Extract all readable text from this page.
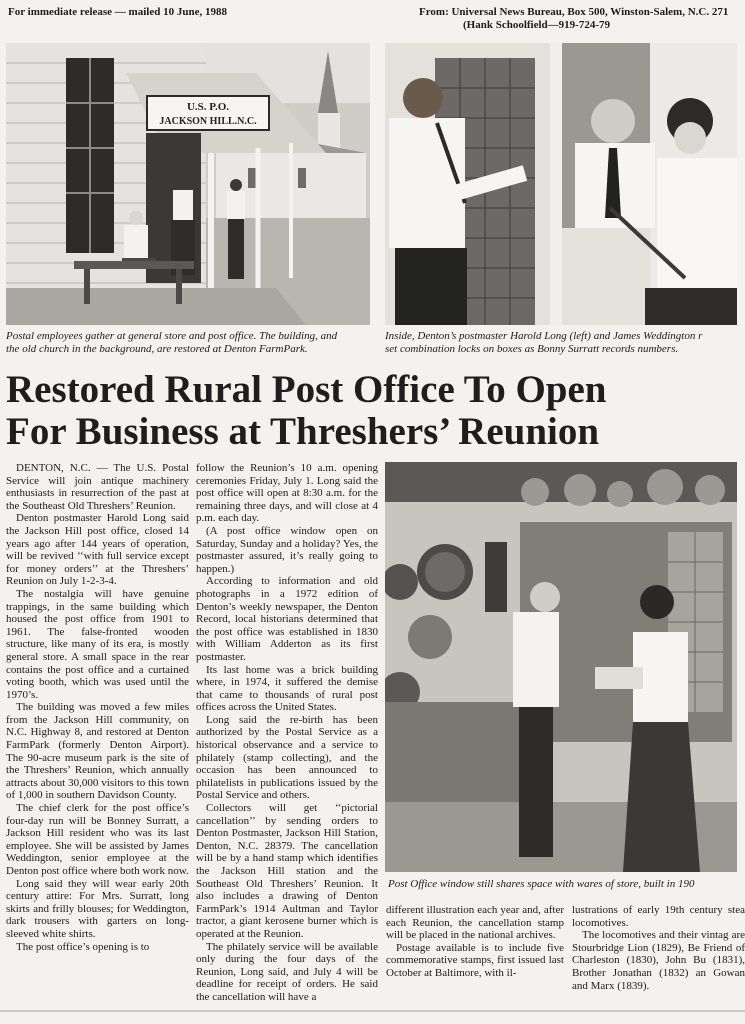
For immediate release — mailed 10 June, 1988	From: Universal News Bureau, Box 500, Winston-Salem, N.C. 271
(Hank Schoolfield—919-724-79
U.S. P.O.
JACKSON HILL.N.C.
Postal employees gather at general store and post office. The building, and
the old church in the background, are restored at Denton FarmPark.
Inside, Denton’s postmaster Harold Long (left) and James Weddington r
set combination locks on boxes as Bonny Surratt records numbers.
Restored Rural Post Office To Open
For Business at Threshers’ Reunion
Post Office window still shares space with wares of store, built in 190

DENTON, N.C. — The U.S. Postal Service will join antique machinery enthusiasts in resurrection of the past at the Southeast Old Threshers’ Reunion.

Denton postmaster Harold Long said the Jackson Hill post office, closed 14 years ago after 144 years of operation, will be revived ‘‘with full service except for money orders’’ at the Threshers’ Reunion on July 1-2-3-4.

The nostalgia will have genuine trappings, in the same building which housed the post office from 1901 to 1961. The false-fronted wooden structure, like many of its era, is mostly general store. A small space in the rear contains the post office and a curtained voting booth, which was used until the 1970’s.

The building was moved a few miles from the Jackson Hill community, on N.C. Highway 8, and restored at Denton FarmPark (formerly Denton Airport). The 90-acre museum park is the site of the Threshers’ Reunion, which annually attracts about 30,000 visitors to this town of 1,000 in southern Davidson County.

The chief clerk for the post office’s four-day run will be Bonney Surratt, a Jackson Hill resident who was its last employee. She will be assisted by James Weddington, senior employee at the Denton post office where both work now.

Long said they will wear early 20th century attire: For Mrs. Surratt, long skirts and frilly blouses; for Weddington, dark trousers with garters on long-sleeved white shirts.

The post office’s opening is to

follow the Reunion’s 10 a.m. opening ceremonies Friday, July 1. Long said the post office will open at 8:30 a.m. for the remaining three days, and will close at 4 p.m. each day.

(A post office window open on Saturday, Sunday and a holiday? Yes, the postmaster assured, it’s really going to happen.)

According to information and old photographs in a 1972 edition of Denton’s weekly newspaper, the Denton Record, local historians determined that the post office was established in 1830 with William Adderton as its first postmaster.

Its last home was a brick building where, in 1974, it suffered the demise that came to thousands of rural post offices across the United States.

Long said the re-birth has been authorized by the Postal Service as a historical observance and a service to philately (stamp collecting), and the occasion has been announced to philatelists in publications issued by the Postal Service and others.

Collectors will get ‘‘pictorial cancellation’’ by sending orders to Denton Postmaster, Jackson Hill Station, Denton, N.C. 28379. The cancellation will be by a hand stamp which identifies the Jackson Hill station and the Southeast Old Threshers’ Reunion. It also includes a drawing of Denton FarmPark’s 1914 Aultman and Taylor tractor, a giant kerosene burner which is operated at the Reunion.

The philately service will be available only during the four days of the Reunion, Long said, and July 4 will be deadline for receipt of orders. He said the cancellation will have a

different illustration each year and, after each Reunion, the cancellation stamp will be placed in the national archives.

Postage available is to include five commemorative stamps, first issued last October at Baltimore, with il-

lustrations of early 19th century stea locomotives.

The locomotives and their vintag are Stourbridge Lion (1829), Be Friend of Charleston (1830), John Bu (1831), Brother Jonathan (1832) an Gowan and Marx (1839).
